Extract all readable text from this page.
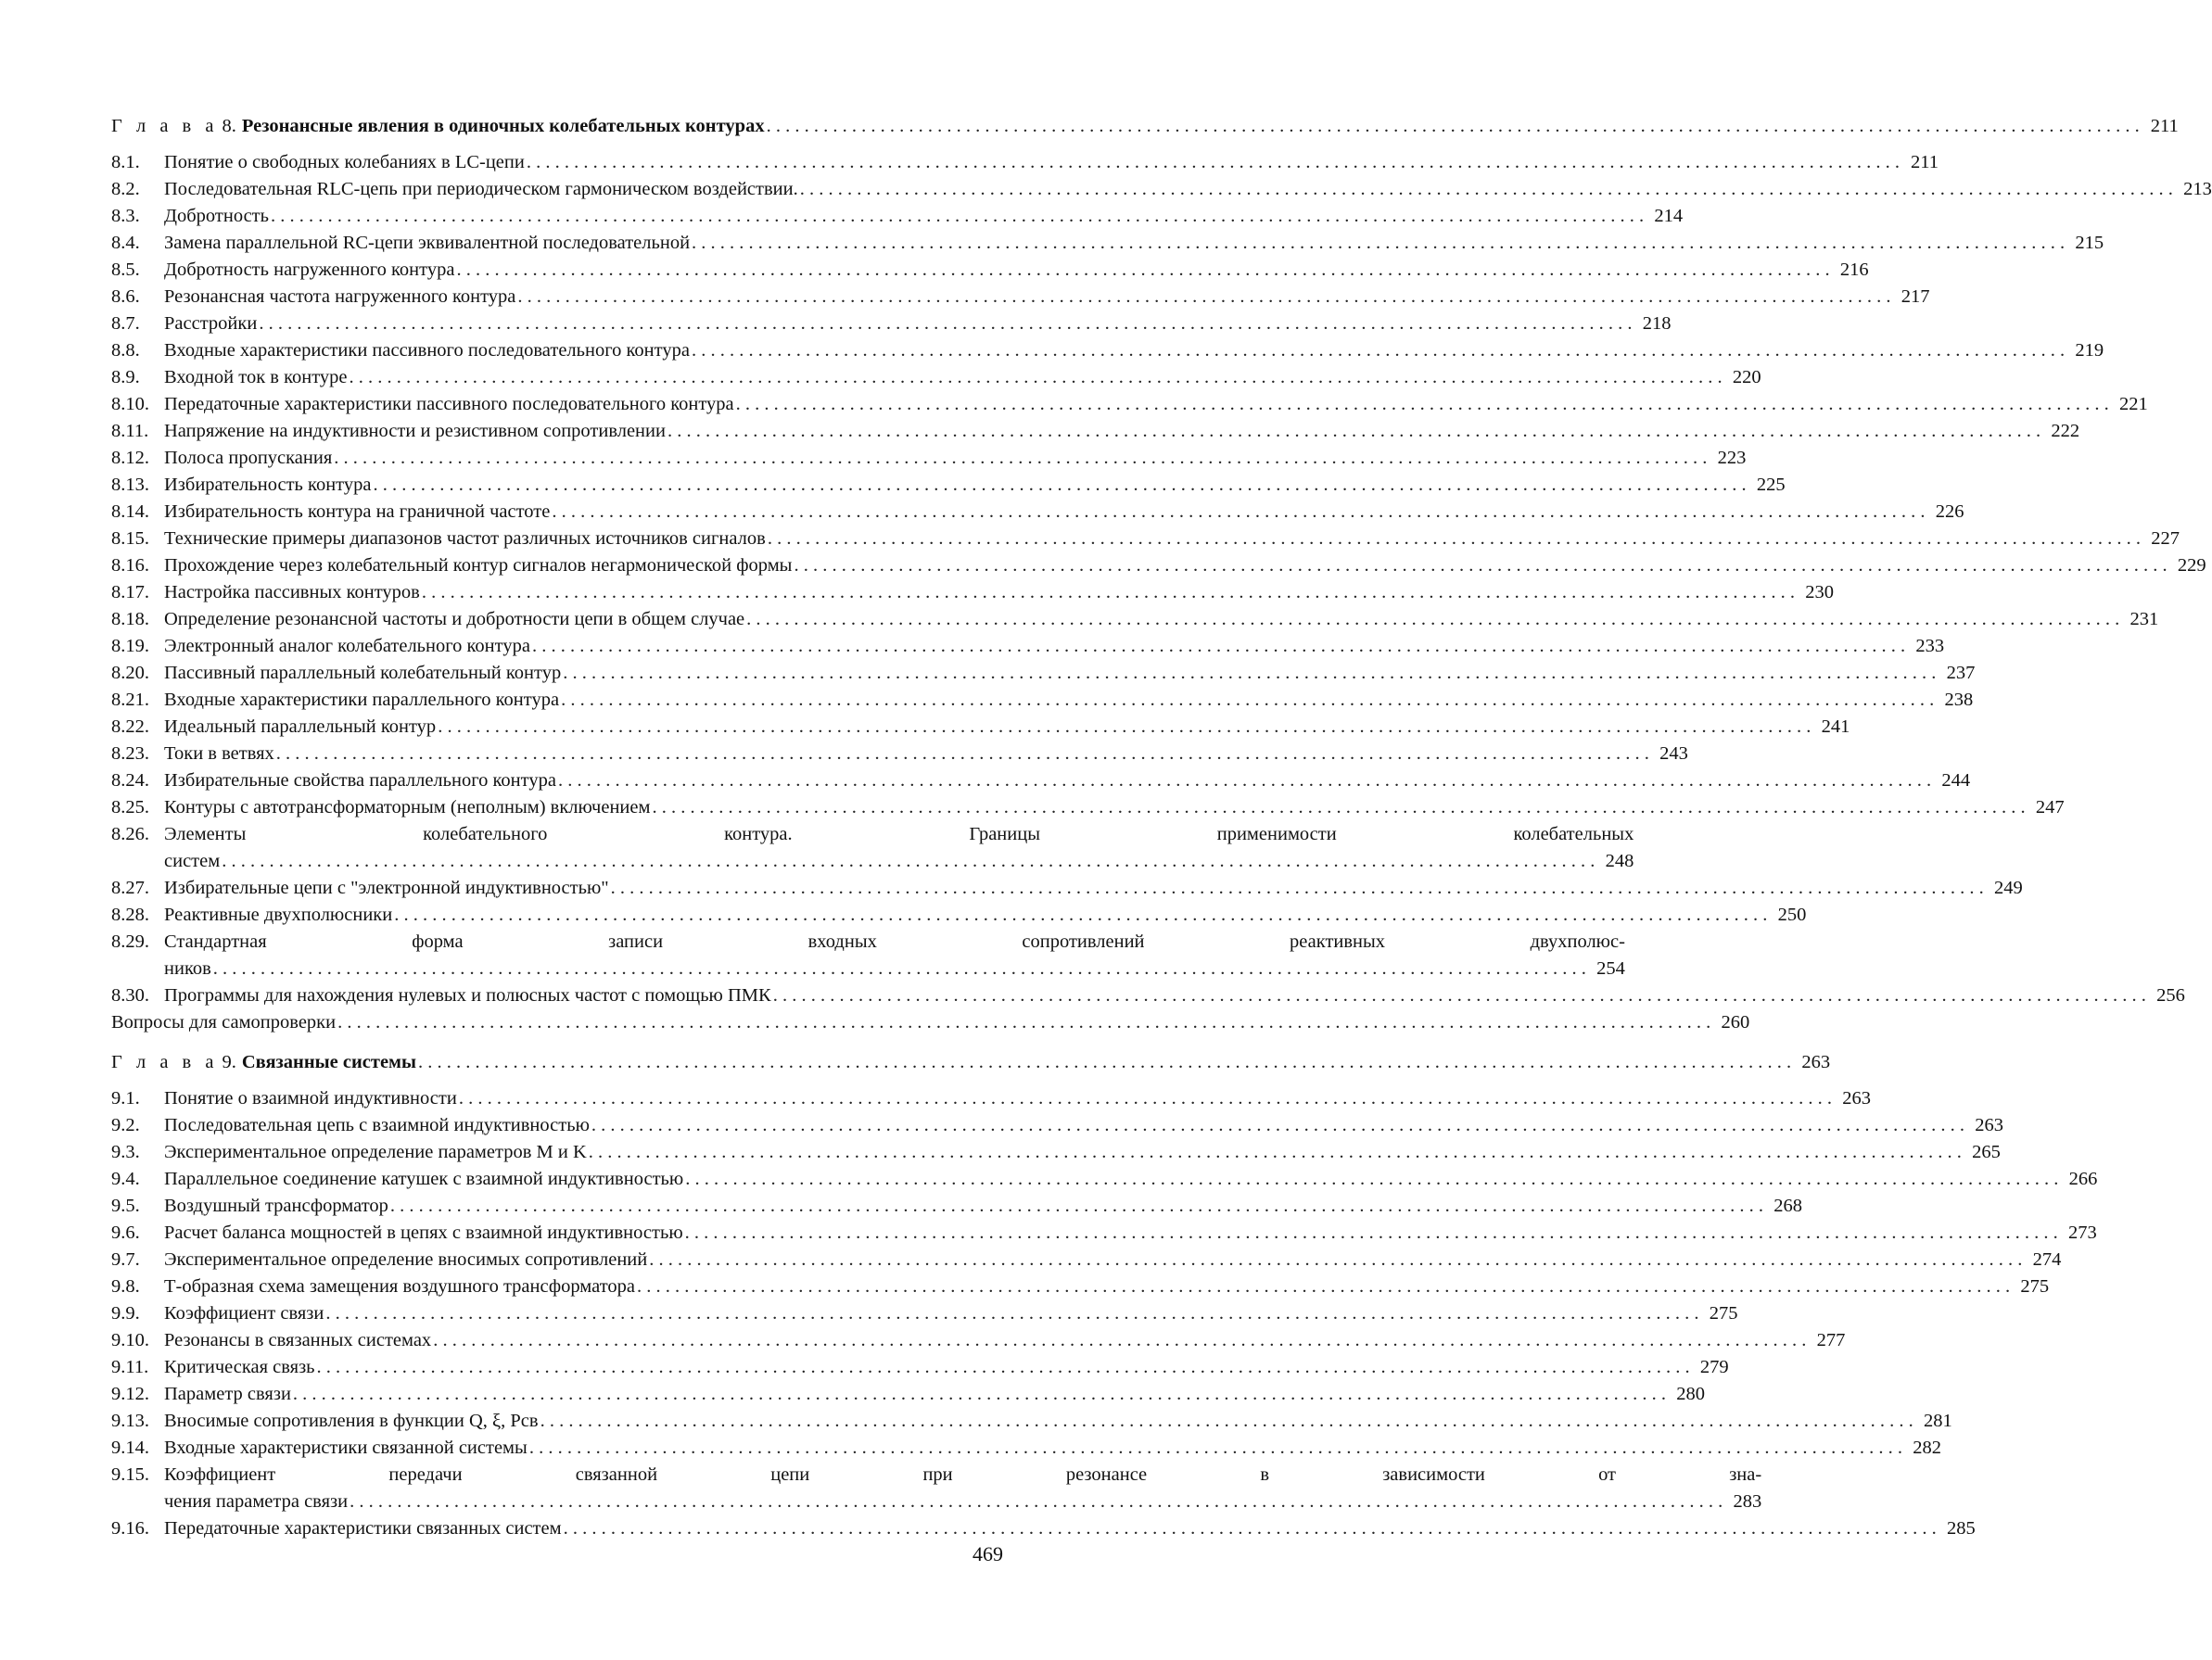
Г л а в а 8. Резонансные явления в одиночных колебательных контурах . . .	211
8.1.	Понятие о свободных колебаниях в LC-цепи . . .	211
8.2.	Последовательная RLC-цепь при периодическом гармоническом воздействии. . . .	213
8.3.	Добротность . . .	214
8.4.	Замена параллельной RC-цепи эквивалентной последовательной . . .	215
8.5.	Добротность нагруженного контура . . .	216
8.6.	Резонансная частота нагруженного контура . . .	217
8.7.	Расстройки . . .	218
8.8.	Входные характеристики пассивного последовательного контура . . .	219
8.9.	Входной ток в контуре . . .	220
8.10. Передаточные характеристики пассивного последовательного контура . . .	221
8.11. Напряжение на индуктивности и резистивном сопротивлении . . .	222
8.12. Полоса пропускания . . .	223
8.13. Избирательность контура . . .	225
8.14. Избирательность контура на граничной частоте . . .	226
8.15. Технические примеры диапазонов частот различных источников сигналов . . .	227
8.16. Прохождение через колебательный контур сигналов негармонической формы . . .	229
8.17. Настройка пассивных контуров . . .	230
8.18. Определение резонансной частоты и добротности цепи в общем случае . . .	231
8.19. Электронный аналог колебательного контура . . .	233
8.20. Пассивный параллельный колебательный контур . . .	237
8.21. Входные характеристики параллельного контура . . .	238
8.22. Идеальный параллельный контур . . .	241
8.23. Токи в ветвях . . .	243
8.24. Избирательные свойства параллельного контура . . .	244
8.25. Контуры с автотрансформаторным (неполным) включением . . .	247
8.26. Элементы колебательного контура. Границы применимости колебательных
систем . . .	248
8.27. Избирательные цепи с "электронной индуктивностью" . . .	249
8.28. Реактивные двухполюсники . . .	250
8.29. Стандартная форма записи входных сопротивлений реактивных двухполюс-
ников . . .	254
8.30. Программы для нахождения нулевых и полюсных частот с помощью ПМК . . .	256
Вопросы для самопроверки . . .	260
Г л а в а 9. Связанные системы . . .	263
9.1.	Понятие о взаимной индуктивности . . .	263
9.2.	Последовательная цепь с взаимной индуктивностью . . .	263
9.3.	Экспериментальное определение параметров M и K . . .	265
9.4.	Параллельное соединение катушек с взаимной индуктивностью . . .	266
9.5.	Воздушный трансформатор . . .	268
9.6.	Расчет баланса мощностей в цепях с взаимной индуктивностью . . .	273
9.7.	Экспериментальное определение вносимых сопротивлений . . .	274
9.8.	Т-образная схема замещения воздушного трансформатора . . .	275
9.9.	Коэффициент связи . . .	275
9.10. Резонансы в связанных системах . . .	277
9.11. Критическая связь . . .	279
9.12. Параметр связи . . .	280
9.13. Вносимые сопротивления в функции Q, ξ, Pсв . . .	281
9.14. Входные характеристики связанной системы . . .	282
9.15. Коэффициент передачи связанной цепи при резонансе в зависимости от зна-
чения параметра связи . . .	283
9.16. Передаточные характеристики связанных систем . . .	285
469
